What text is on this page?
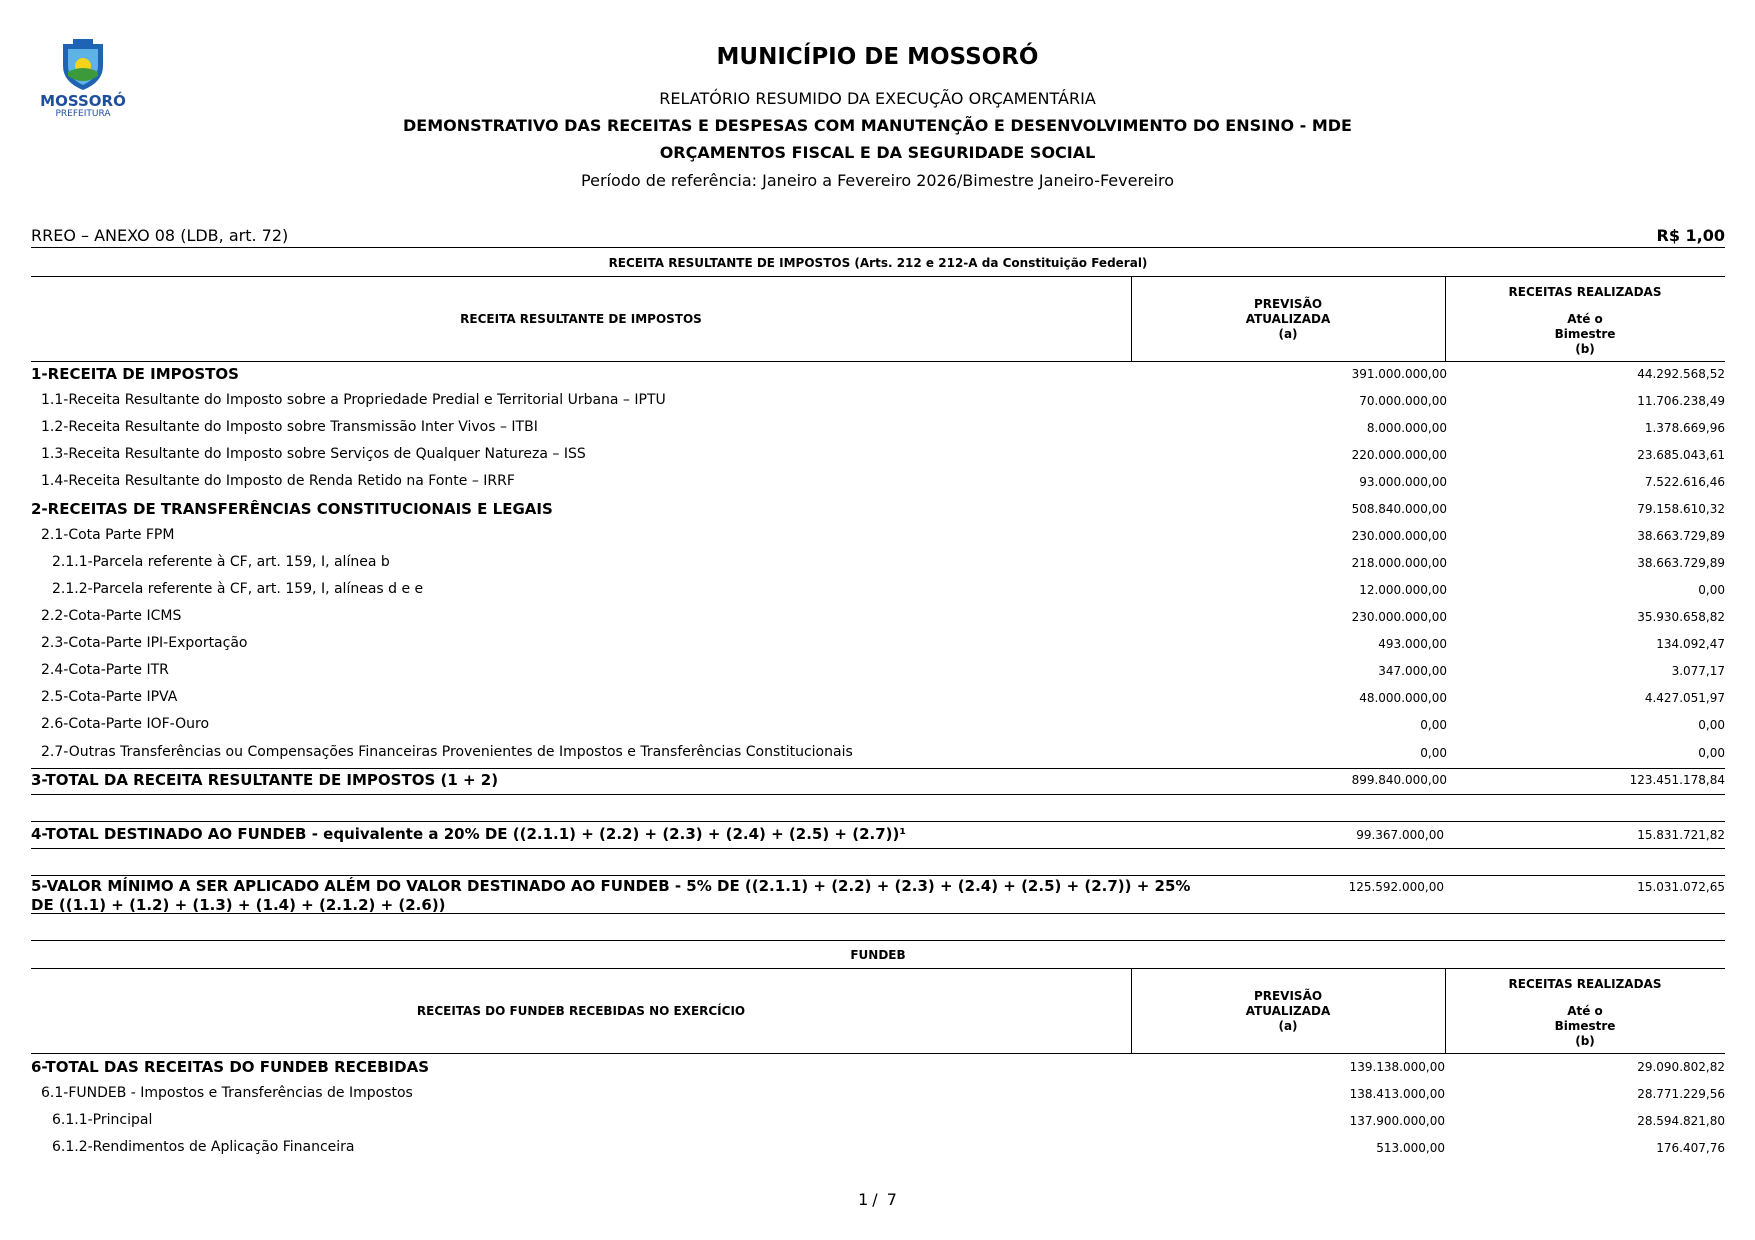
MOSSORÓ
PREFEITURA
MUNICÍPIO DE MOSSORÓ
RELATÓRIO RESUMIDO DA EXECUÇÃO ORÇAMENTÁRIA
DEMONSTRATIVO DAS RECEITAS E DESPESAS COM MANUTENÇÃO E DESENVOLVIMENTO DO ENSINO - MDE
ORÇAMENTOS FISCAL E DA SEGURIDADE SOCIAL
Período de referência: Janeiro a Fevereiro 2026/Bimestre Janeiro-Fevereiro
RREO – ANEXO 08 (LDB, art. 72)	R$ 1,00
RECEITA RESULTANTE DE IMPOSTOS (Arts. 212 e 212-A da Constituição Federal)
RECEITA RESULTANTE DE IMPOSTOS
PREVISÃO
ATUALIZADA
(a)
RECEITAS REALIZADAS
Até o
Bimestre
(b)
1-RECEITA DE IMPOSTOS	391.000.000,00	44.292.568,52
1.1-Receita Resultante do Imposto sobre a Propriedade Predial e Territorial Urbana – IPTU	70.000.000,00	11.706.238,49
1.2-Receita Resultante do Imposto sobre Transmissão Inter Vivos – ITBI	8.000.000,00	1.378.669,96
1.3-Receita Resultante do Imposto sobre Serviços de Qualquer Natureza – ISS	220.000.000,00	23.685.043,61
1.4-Receita Resultante do Imposto de Renda Retido na Fonte – IRRF	93.000.000,00	7.522.616,46
2-RECEITAS DE TRANSFERÊNCIAS CONSTITUCIONAIS E LEGAIS	508.840.000,00	79.158.610,32
2.1-Cota Parte FPM	230.000.000,00	38.663.729,89
2.1.1-Parcela referente à CF, art. 159, I, alínea b	218.000.000,00	38.663.729,89
2.1.2-Parcela referente à CF, art. 159, I, alíneas d e e	12.000.000,00	0,00
2.2-Cota-Parte ICMS	230.000.000,00	35.930.658,82
2.3-Cota-Parte IPI-Exportação	493.000,00	134.092,47
2.4-Cota-Parte ITR	347.000,00	3.077,17
2.5-Cota-Parte IPVA	48.000.000,00	4.427.051,97
2.6-Cota-Parte IOF-Ouro	0,00	0,00
2.7-Outras Transferências ou Compensações Financeiras Provenientes de Impostos e Transferências Constitucionais	0,00	0,00
3-TOTAL DA RECEITA RESULTANTE DE IMPOSTOS (1 + 2)	899.840.000,00	123.451.178,84
4-TOTAL DESTINADO AO FUNDEB - equivalente a 20% DE ((2.1.1) + (2.2) + (2.3) + (2.4) + (2.5) + (2.7))¹	99.367.000,00	15.831.721,82
5-VALOR MÍNIMO A SER APLICADO ALÉM DO VALOR DESTINADO AO FUNDEB - 5% DE ((2.1.1) + (2.2) + (2.3) + (2.4) + (2.5) + (2.7)) + 25%
DE ((1.1) + (1.2) + (1.3) + (1.4) + (2.1.2) + (2.6))
125.592.000,00	15.031.072,65
FUNDEB
RECEITAS DO FUNDEB RECEBIDAS NO EXERCÍCIO
PREVISÃO
ATUALIZADA
(a)
RECEITAS REALIZADAS
Até o
Bimestre
(b)
6-TOTAL DAS RECEITAS DO FUNDEB RECEBIDAS	139.138.000,00	29.090.802,82
6.1-FUNDEB - Impostos e Transferências de Impostos	138.413.000,00	28.771.229,56
6.1.1-Principal	137.900.000,00	28.594.821,80
6.1.2-Rendimentos de Aplicação Financeira	513.000,00	176.407,76
1 / 7
